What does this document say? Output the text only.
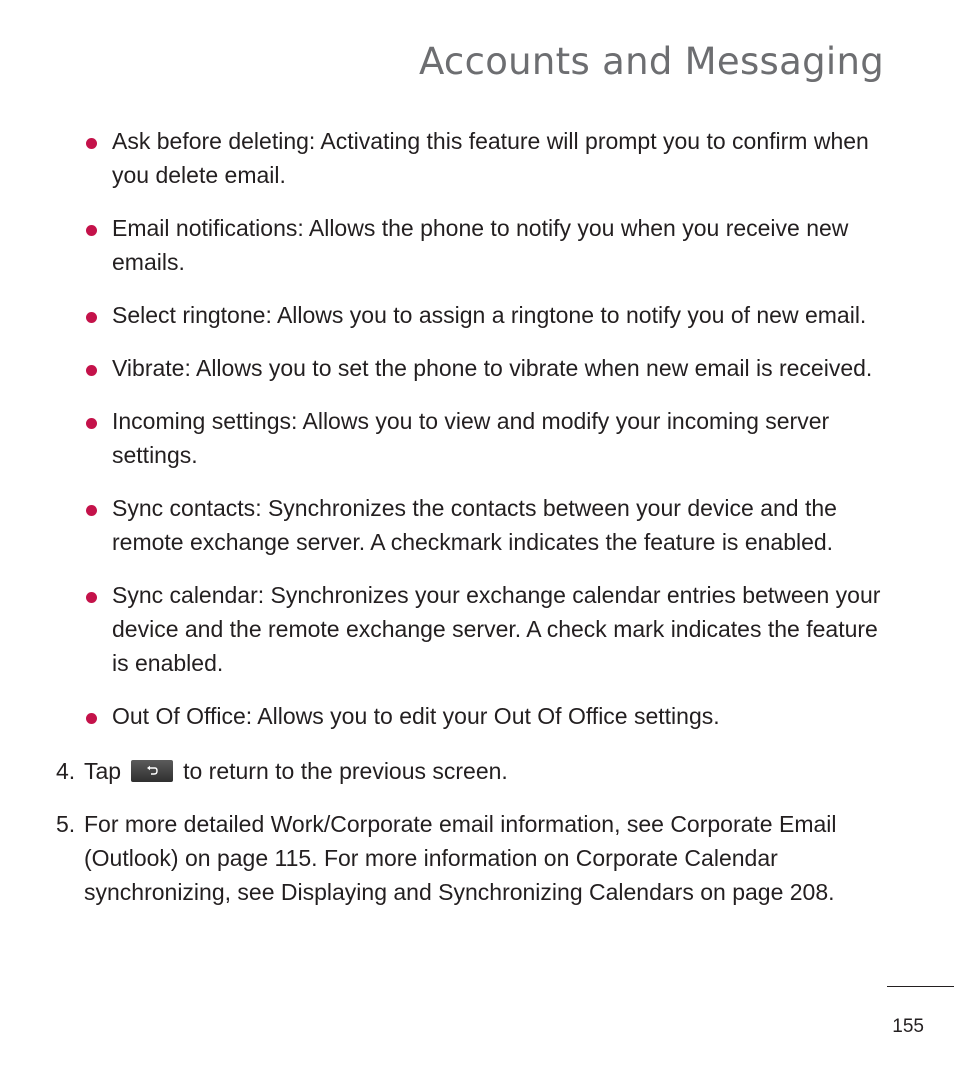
Accounts and Messaging
Ask before deleting: Activating this feature will prompt you to confirm when you delete email.
Email notifications: Allows the phone to notify you when you receive new emails.
Select ringtone: Allows you to assign a ringtone to notify you of new email.
Vibrate: Allows you to set the phone to vibrate when new email is received.
Incoming settings: Allows you to view and modify your incoming server settings.
Sync contacts: Synchronizes the contacts between your device and the remote exchange server. A checkmark indicates the feature is enabled.
Sync calendar: Synchronizes your exchange calendar entries between your device and the remote exchange server. A check mark indicates the feature is enabled.
Out Of Office: Allows you to edit your Out Of Office settings.
4. Tap	to return to the previous screen.
5. For more detailed Work/Corporate email information, see Corporate Email (Outlook) on page 115. For more information on Corporate Calendar synchronizing, see Displaying and Synchronizing Calendars on page 208.
155
